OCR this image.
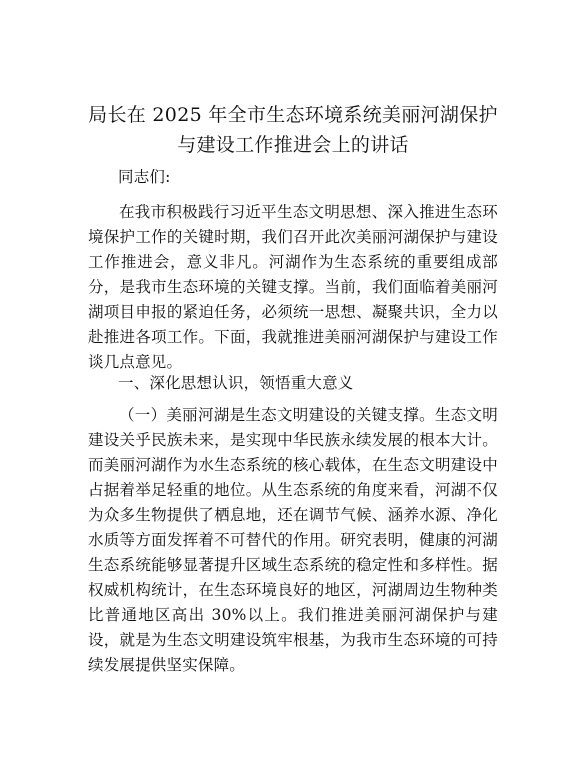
局长在 2025 年全市生态环境系统美丽河湖保护
与建设工作推进会上的讲话
同志们:
在我市积极践行习近平生态文明思想、深入推进生态环境保护工作的关键时期，我们召开此次美丽河湖保护与建设工作推进会，意义非凡。河湖作为生态系统的重要组成部分，是我市生态环境的关键支撑。当前，我们面临着美丽河湖项目申报的紧迫任务，必须统一思想、凝聚共识，全力以赴推进各项工作。下面，我就推进美丽河湖保护与建设工作谈几点意见。
一、深化思想认识，领悟重大意义
（一）美丽河湖是生态文明建设的关键支撑。生态文明建设关乎民族未来，是实现中华民族永续发展的根本大计。而美丽河湖作为水生态系统的核心载体，在生态文明建设中占据着举足轻重的地位。从生态系统的角度来看，河湖不仅为众多生物提供了栖息地，还在调节气候、涵养水源、净化水质等方面发挥着不可替代的作用。研究表明，健康的河湖生态系统能够显著提升区域生态系统的稳定性和多样性。据权威机构统计，在生态环境良好的地区，河湖周边生物种类比普通地区高出 30%以上。我们推进美丽河湖保护与建设，就是为生态文明建设筑牢根基，为我市生态环境的可持续发展提供坚实保障。
